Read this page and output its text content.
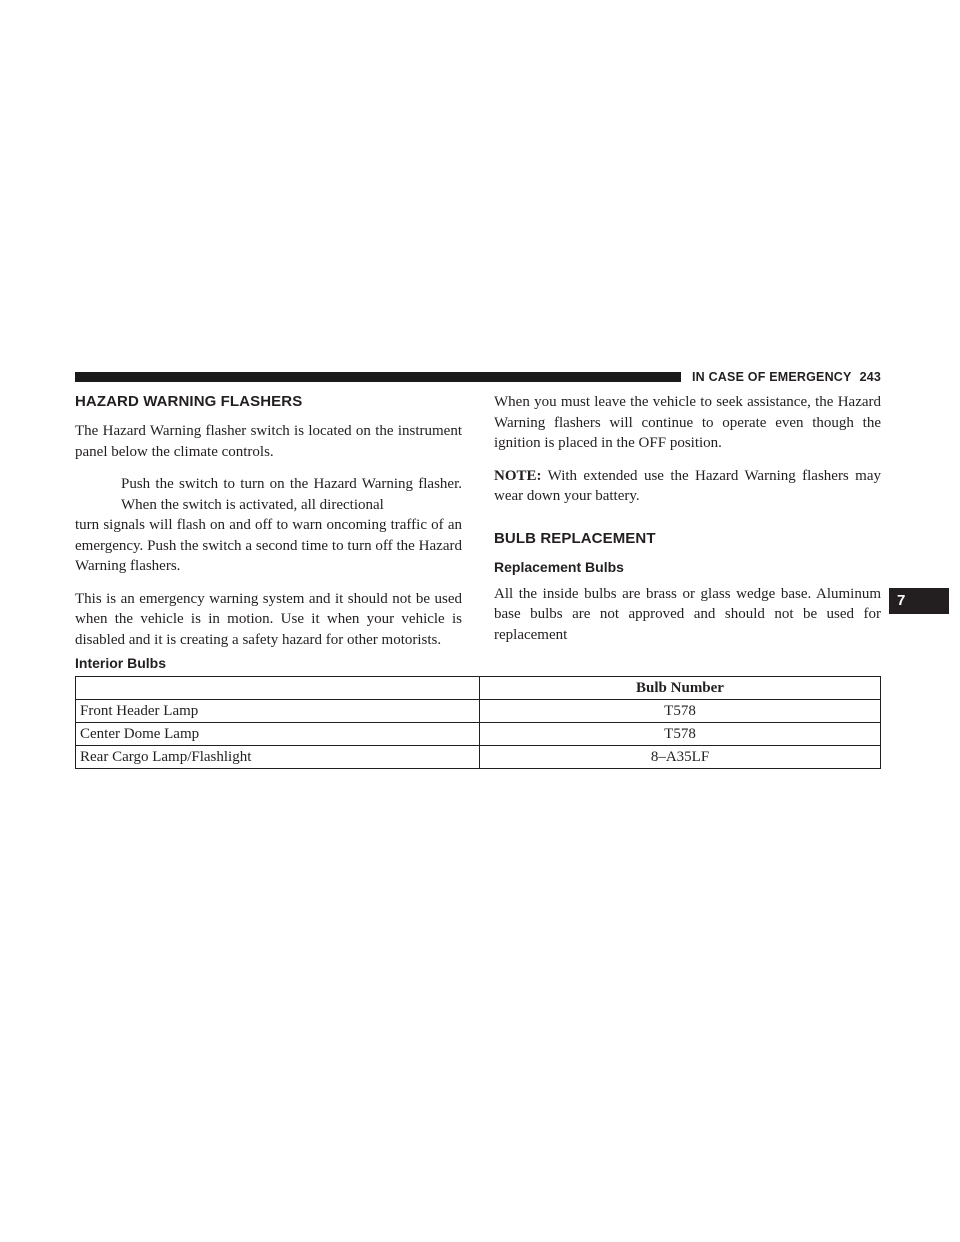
IN CASE OF EMERGENCY 243
HAZARD WARNING FLASHERS

The Hazard Warning flasher switch is located on the instrument panel below the climate controls.

Push the switch to turn on the Hazard Warning flasher. When the switch is activated, all directional
turn signals will flash on and off to warn oncoming traffic of an emergency. Push the switch a second time to turn off the Hazard Warning flashers.

This is an emergency warning system and it should not be used when the vehicle is in motion. Use it when your vehicle is disabled and it is creating a safety hazard for other motorists.

When you must leave the vehicle to seek assistance, the Hazard Warning flashers will continue to operate even though the ignition is placed in the OFF position.

NOTE: With extended use the Hazard Warning flashers may wear down your battery.

BULB REPLACEMENT
Replacement Bulbs

All the inside bulbs are brass or glass wedge base. Aluminum base bulbs are not approved and should not be used for replacement

7
Interior Bulbs
	Bulb Number
Front Header Lamp	T578
Center Dome Lamp	T578
Rear Cargo Lamp/Flashlight	8–A35LF
